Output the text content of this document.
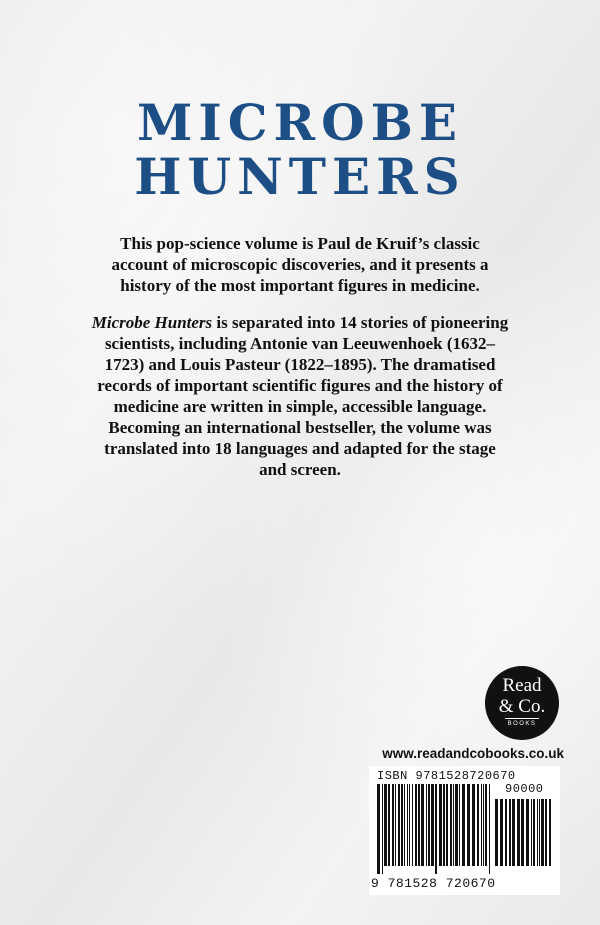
MICROBE
HUNTERS

This pop-science volume is Paul de Kruif’s classic account of microscopic discoveries, and it presents a history of the most important figures in medicine.

Microbe Hunters is separated into 14 stories of pioneering scientists, including Antonie van Leeuwenhoek (1632–1723) and Louis Pasteur (1822–1895). The dramatised records of important scientific figures and the history of medicine are written in simple, accessible language. Becoming an international bestseller, the volume was translated into 18 languages and adapted for the stage and screen.

Read
& Co.
BOOKS
www.readandcobooks.co.uk
ISBN 9781528720670
90000
9 781528 720670
